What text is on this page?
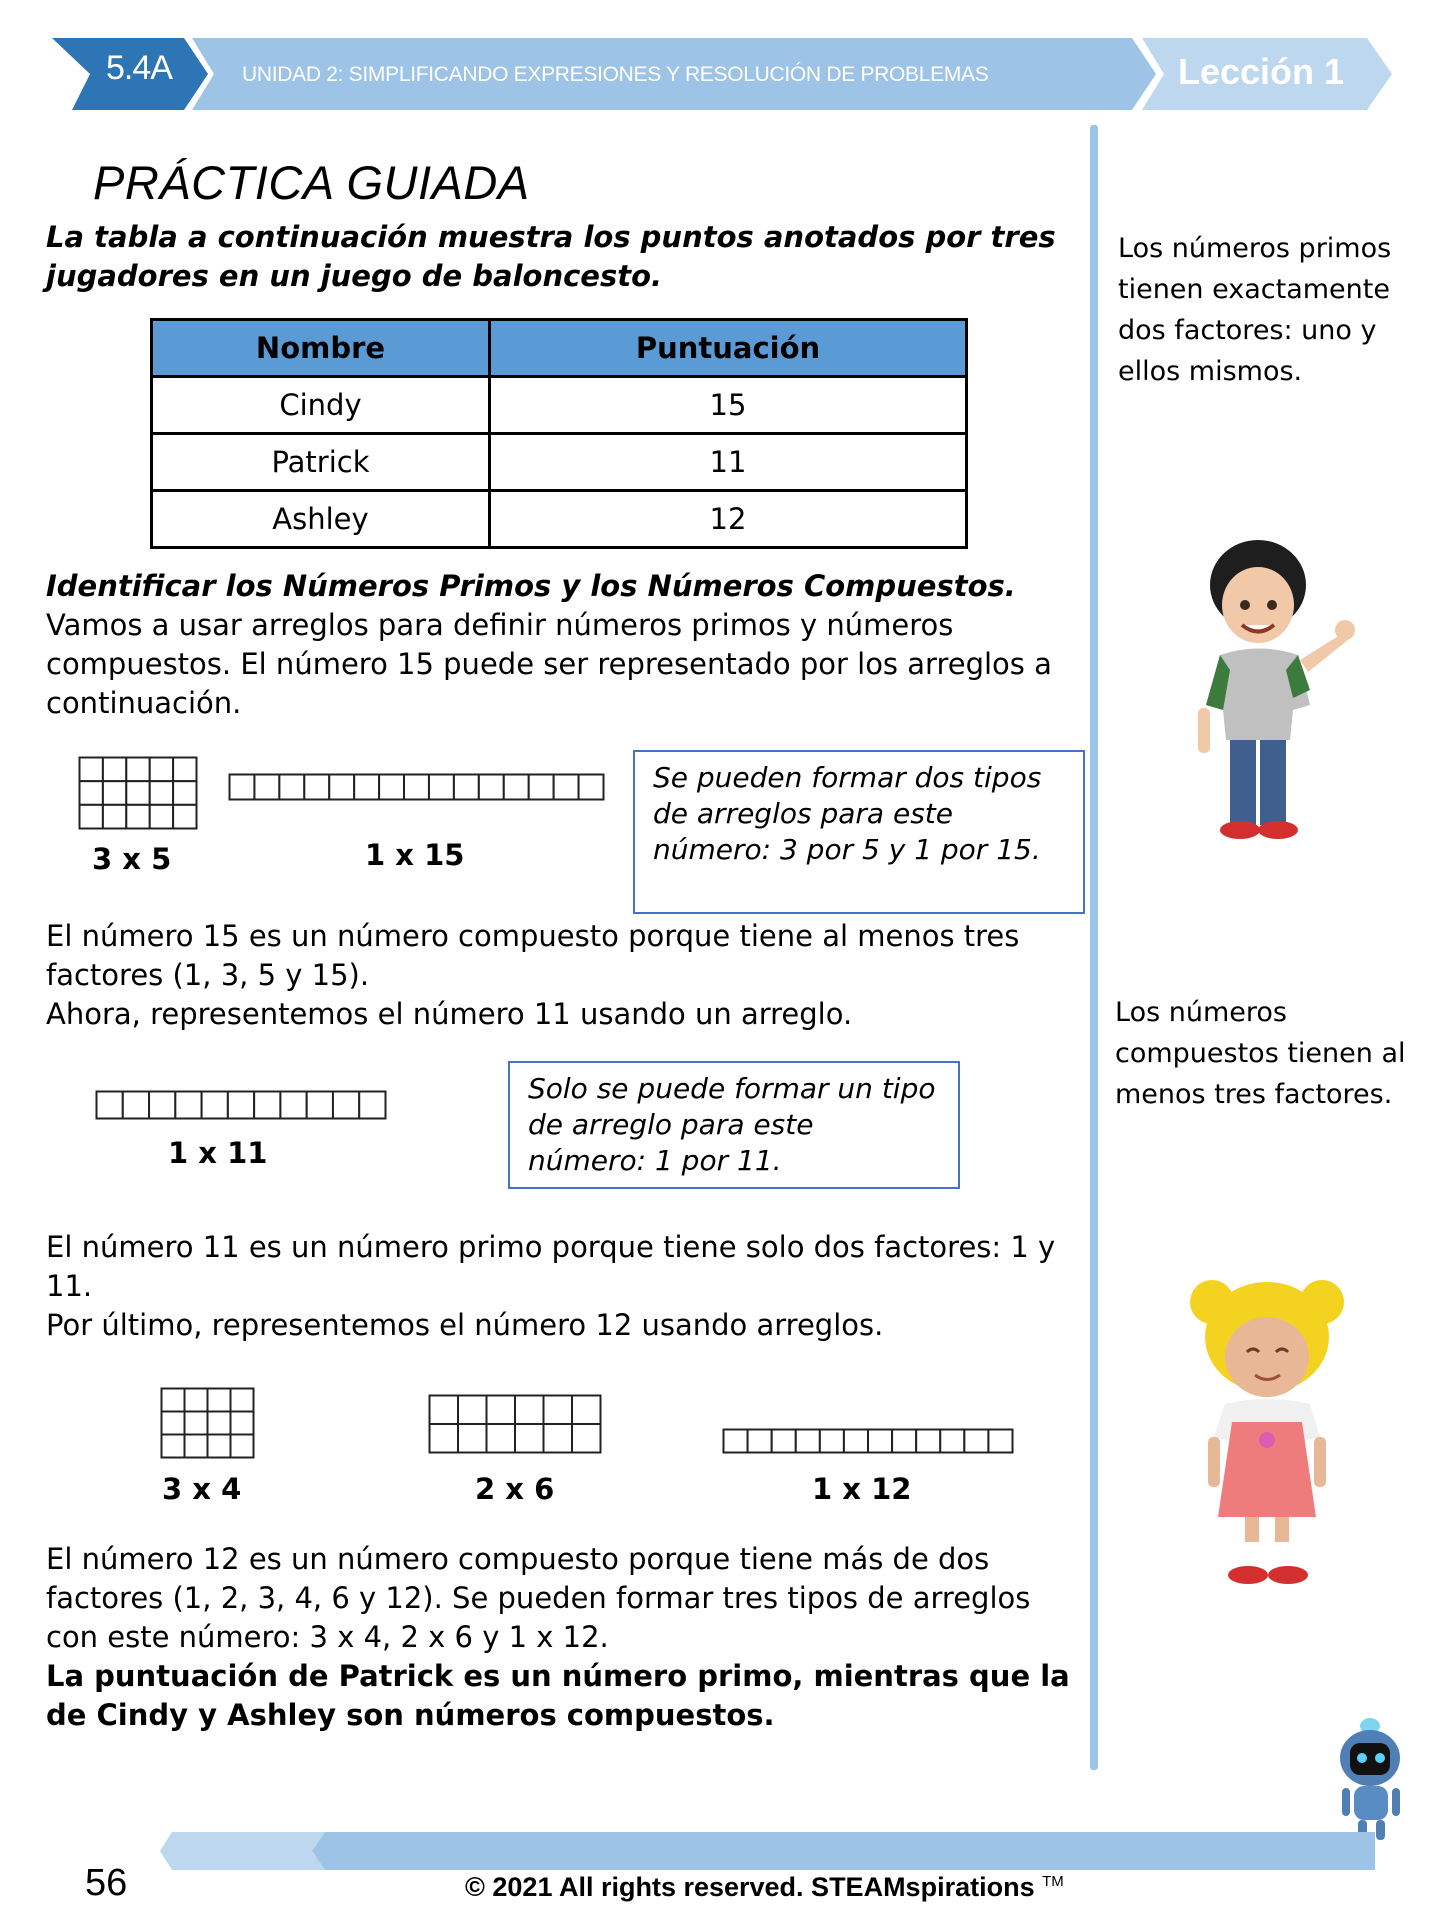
5.4A	UNIDAD 2: SIMPLIFICANDO EXPRESIONES Y RESOLUCIÓN DE PROBLEMAS	Lección 1
PRÁCTICA GUIADA
La tabla a continuación muestra los puntos anotados por tres jugadores en un juego de baloncesto.
Nombre	Puntuación
Cindy	15
Patrick	11
Ashley	12
Identificar los Números Primos y los Números Compuestos.
Vamos a usar arreglos para definir números primos y números compuestos. El número 15 puede ser representado por los arreglos a continuación.
3 x 5	1 x 15
Se pueden formar dos tipos de arreglos para este número: 3 por 5 y 1 por 15.
El número 15 es un número compuesto porque tiene al menos tres factores (1, 3, 5 y 15).
Ahora, representemos el número 11 usando un arreglo.
1 x 11
Solo se puede formar un tipo de arreglo para este número: 1 por 11.
El número 11 es un número primo porque tiene solo dos factores: 1 y 11.
Por último, representemos el número 12 usando arreglos.
3 x 4	2 x 6	1 x 12
El número 12 es un número compuesto porque tiene más de dos factores (1, 2, 3, 4, 6 y 12). Se pueden formar tres tipos de arreglos con este número: 3 x 4, 2 x 6 y 1 x 12.
La puntuación de Patrick es un número primo, mientras que la de Cindy y Ashley son números compuestos.
Los números primos tienen exactamente dos factores: uno y ellos mismos.
Los números compuestos tienen al menos tres factores.
56	© 2021 All rights reserved. STEAMspirations ™
